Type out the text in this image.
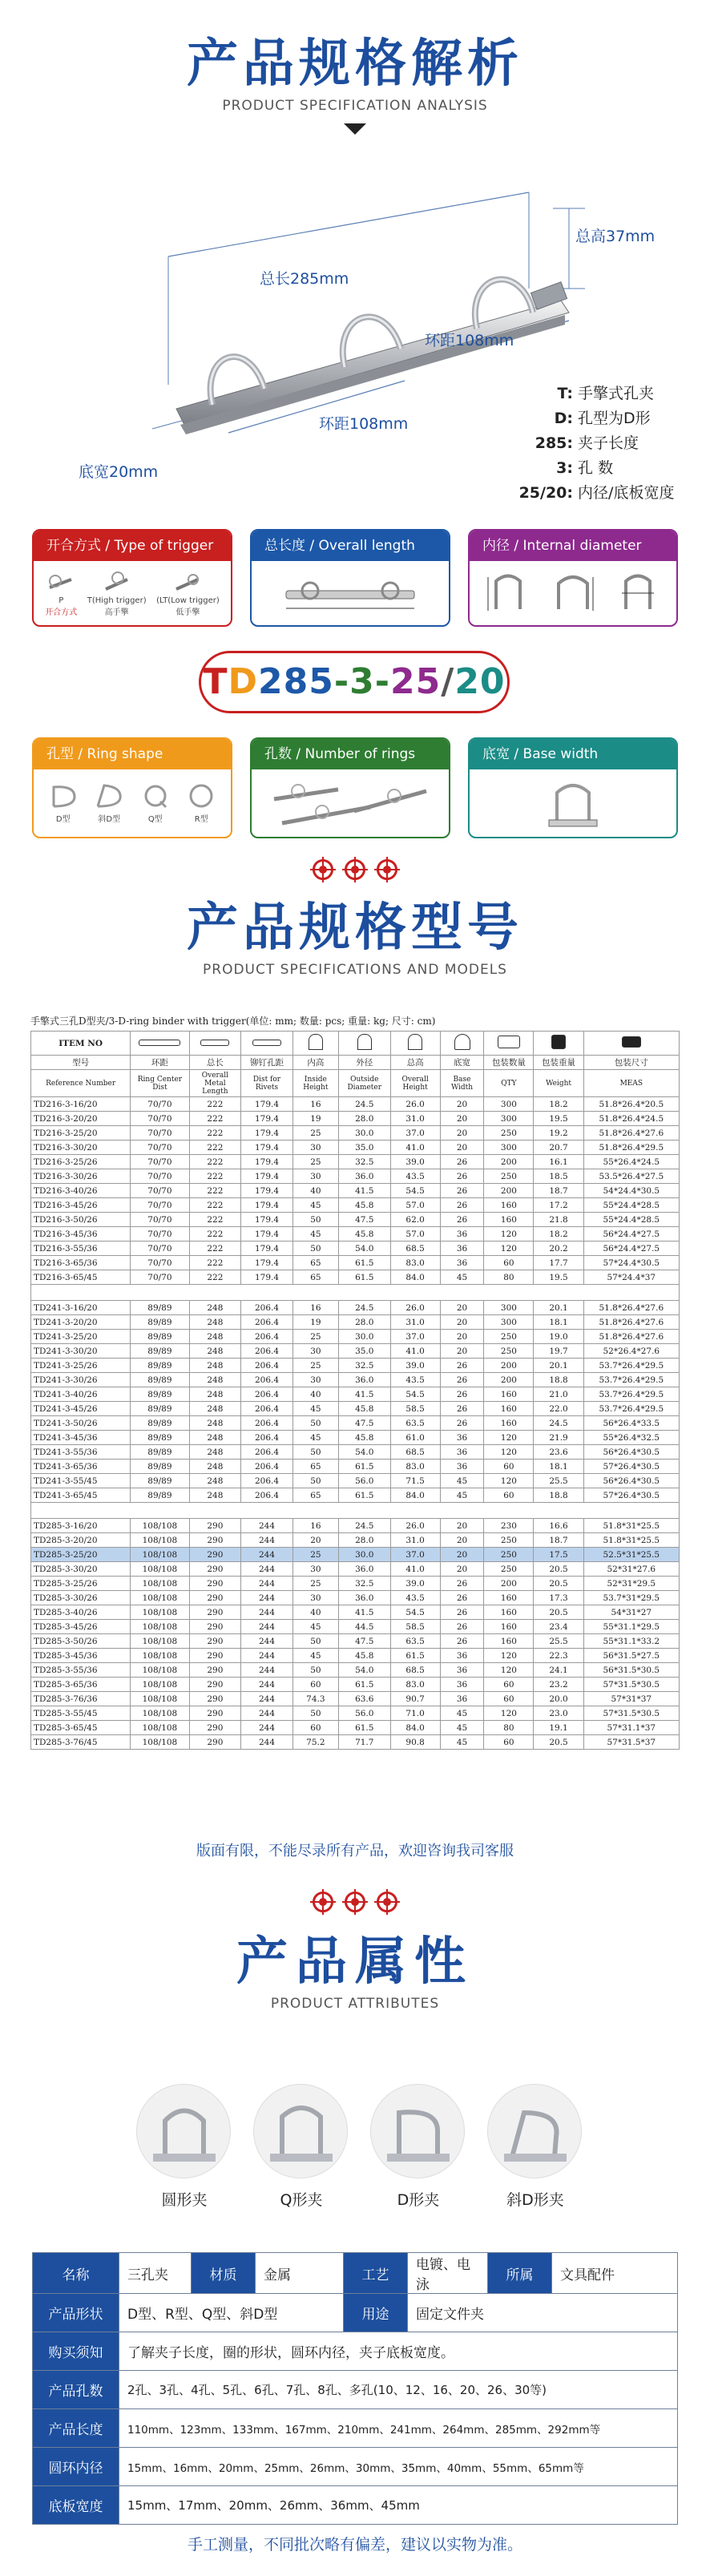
产品规格解析
PRODUCT SPECIFICATION ANALYSIS
总高37mm
总长285mm
环距108mm
环距108mm
底宽20mm
T: 手擎式孔夹
D: 孔型为D形
285: 夹子长度
3: 孔 数
25/20: 内径/底板宽度
开合方式 / Type of trigger
P
开合方式
T(High trigger)
高手擎
(LT(Low trigger)
低手擎
总长度 / Overall length	内径 / Internal diameter
TD285-3-25/20
孔型 / Ring shape
D型	斜D型	Q型	R型
孔数 / Number of rings	底宽 / Base width
产品规格型号
PRODUCT SPECIFICATIONS AND MODELS
手擎式三孔D型夹/3-D-ring binder with trigger(单位: mm; 数量: pcs; 重量: kg; 尺寸: cm)
ITEM NO										
型号	环距	总长	铆钉孔距	内高	外径	总高	底宽	包装数量	包装重量	包装尺寸
Reference Number	Ring Center Dist	Overall Metal Length	Dist for Rivets	Inside Height	Outside Diameter	Overall Height	Base Width	QTY	Weight	MEAS
TD216-3-16/20	70/70	222	179.4	16	24.5	26.0	20	300	18.2	51.8*26.4*20.5
TD216-3-20/20	70/70	222	179.4	19	28.0	31.0	20	300	19.5	51.8*26.4*24.5
TD216-3-25/20	70/70	222	179.4	25	30.0	37.0	20	250	19.2	51.8*26.4*27.6
TD216-3-30/20	70/70	222	179.4	30	35.0	41.0	20	300	20.7	51.8*26.4*29.5
TD216-3-25/26	70/70	222	179.4	25	32.5	39.0	26	200	16.1	55*26.4*24.5
TD216-3-30/26	70/70	222	179.4	30	36.0	43.5	26	250	18.5	53.5*26.4*27.5
TD216-3-40/26	70/70	222	179.4	40	41.5	54.5	26	200	18.7	54*24.4*30.5
TD216-3-45/26	70/70	222	179.4	45	45.8	57.0	26	160	17.2	55*24.4*28.5
TD216-3-50/26	70/70	222	179.4	50	47.5	62.0	26	160	21.8	55*24.4*28.5
TD216-3-45/36	70/70	222	179.4	45	45.8	57.0	36	120	18.2	56*24.4*27.5
TD216-3-55/36	70/70	222	179.4	50	54.0	68.5	36	120	20.2	56*24.4*27.5
TD216-3-65/36	70/70	222	179.4	65	61.5	83.0	36	60	17.7	57*24.4*30.5
TD216-3-65/45	70/70	222	179.4	65	61.5	84.0	45	80	19.5	57*24.4*37

TD241-3-16/20	89/89	248	206.4	16	24.5	26.0	20	300	20.1	51.8*26.4*27.6
TD241-3-20/20	89/89	248	206.4	19	28.0	31.0	20	300	18.1	51.8*26.4*27.6
TD241-3-25/20	89/89	248	206.4	25	30.0	37.0	20	250	19.0	51.8*26.4*27.6
TD241-3-30/20	89/89	248	206.4	30	35.0	41.0	20	250	19.7	52*26.4*27.6
TD241-3-25/26	89/89	248	206.4	25	32.5	39.0	26	200	20.1	53.7*26.4*29.5
TD241-3-30/26	89/89	248	206.4	30	36.0	43.5	26	200	18.8	53.7*26.4*29.5
TD241-3-40/26	89/89	248	206.4	40	41.5	54.5	26	160	21.0	53.7*26.4*29.5
TD241-3-45/26	89/89	248	206.4	45	45.8	58.5	26	160	22.0	53.7*26.4*29.5
TD241-3-50/26	89/89	248	206.4	50	47.5	63.5	26	160	24.5	56*26.4*33.5
TD241-3-45/36	89/89	248	206.4	45	45.8	61.0	36	120	21.9	55*26.4*32.5
TD241-3-55/36	89/89	248	206.4	50	54.0	68.5	36	120	23.6	56*26.4*30.5
TD241-3-65/36	89/89	248	206.4	65	61.5	83.0	36	60	18.1	57*26.4*30.5
TD241-3-55/45	89/89	248	206.4	50	56.0	71.5	45	120	25.5	56*26.4*30.5
TD241-3-65/45	89/89	248	206.4	65	61.5	84.0	45	60	18.8	57*26.4*30.5

TD285-3-16/20	108/108	290	244	16	24.5	26.0	20	230	16.6	51.8*31*25.5
TD285-3-20/20	108/108	290	244	20	28.0	31.0	20	250	18.7	51.8*31*25.5
TD285-3-25/20	108/108	290	244	25	30.0	37.0	20	250	17.5	52.5*31*25.5
TD285-3-30/20	108/108	290	244	30	36.0	41.0	20	250	20.5	52*31*27.6
TD285-3-25/26	108/108	290	244	25	32.5	39.0	26	200	20.5	52*31*29.5
TD285-3-30/26	108/108	290	244	30	36.0	43.5	26	160	17.3	53.7*31*29.5
TD285-3-40/26	108/108	290	244	40	41.5	54.5	26	160	20.5	54*31*27
TD285-3-45/26	108/108	290	244	45	44.5	58.5	26	160	23.4	55*31.1*29.5
TD285-3-50/26	108/108	290	244	50	47.5	63.5	26	160	25.5	55*31.1*33.2
TD285-3-45/36	108/108	290	244	45	45.8	61.5	36	120	22.3	56*31.5*27.5
TD285-3-55/36	108/108	290	244	50	54.0	68.5	36	120	24.1	56*31.5*30.5
TD285-3-65/36	108/108	290	244	60	61.5	83.0	36	60	23.2	57*31.5*30.5
TD285-3-76/36	108/108	290	244	74.3	63.6	90.7	36	60	20.0	57*31*37
TD285-3-55/45	108/108	290	244	50	56.0	71.0	45	120	23.0	57*31.5*30.5
TD285-3-65/45	108/108	290	244	60	61.5	84.0	45	80	19.1	57*31.1*37
TD285-3-76/45	108/108	290	244	75.2	71.7	90.8	45	60	20.5	57*31.5*37
版面有限，不能尽录所有产品，欢迎咨询我司客服
产品属性
PRODUCT ATTRIBUTES
圆形夹	Q形夹	D形夹	斜D形夹
名称	三孔夹	材质	金属	工艺	电镀、电泳	所属	文具配件
产品形状	D型、R型、Q型、斜D型			用途	固定文件夹		
购买须知	了解夹子长度，圈的形状，圆环内径，夹子底板宽度。						
产品孔数	2孔、3孔、4孔、5孔、6孔、7孔、8孔、多孔(10、12、16、20、26、30等)						
产品长度	110mm、123mm、133mm、167mm、210mm、241mm、264mm、285mm、292mm等						
圆环内径	15mm、16mm、20mm、25mm、26mm、30mm、35mm、40mm、55mm、65mm等						
底板宽度	15mm、17mm、20mm、26mm、36mm、45mm						
手工测量，不同批次略有偏差，建议以实物为准。
